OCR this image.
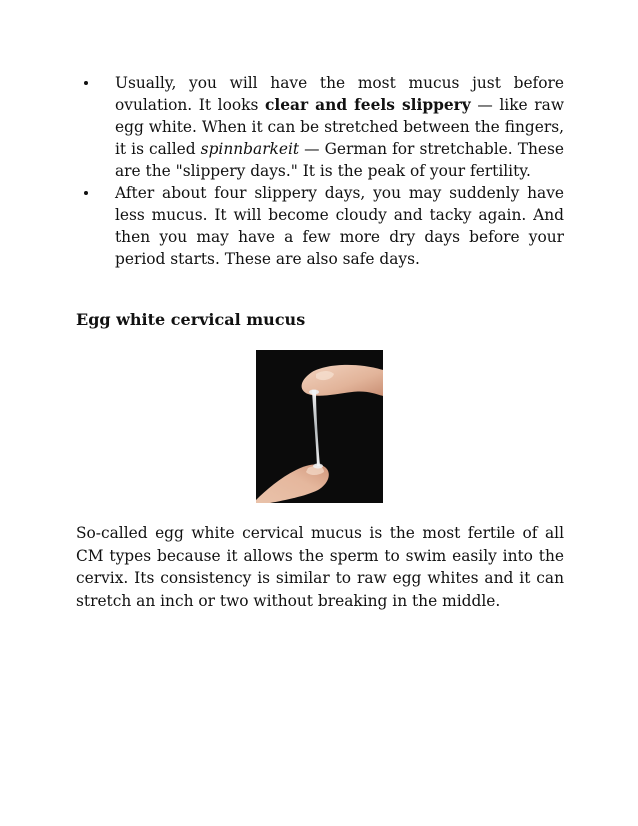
Usually, you will have the most mucus just before ovulation. It looks clear and feels slippery — like raw egg white. When it can be stretched between the fingers, it is called spinnbarkeit — German for stretchable. These are the "slippery days." It is the peak of your fertility.
After about four slippery days, you may suddenly have less mucus. It will become cloudy and tacky again. And then you may have a few more dry days before your period starts. These are also safe days.
Egg white cervical mucus

So-called egg white cervical mucus is the most fertile of all CM types because it allows the sperm to swim easily into the cervix. Its consistency is similar to raw egg whites and it can stretch an inch or two without breaking in the middle.
